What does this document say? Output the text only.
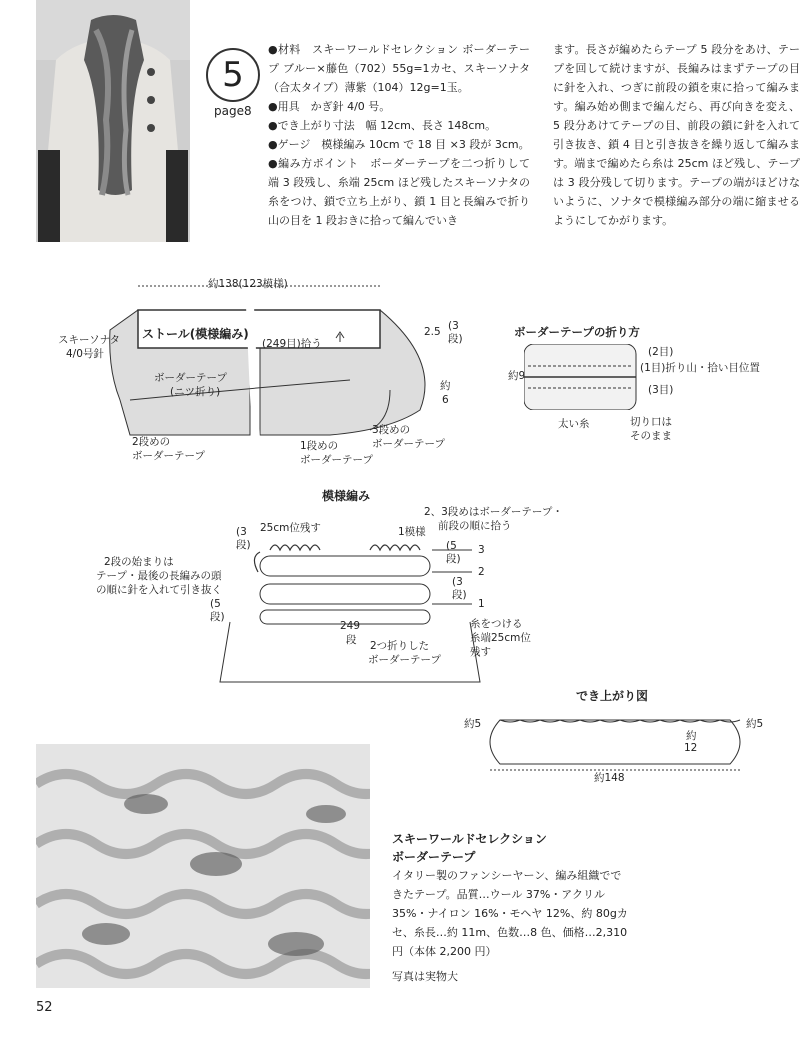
5
page8

●材料　スキーワールドセレクション ボーダーテープ ブルー×藤色（702）55g=1カセ、スキーソナタ（合太タイプ）薄紫（104）12g=1玉。

●用具　かぎ針 4/0 号。

●でき上がり寸法　幅 12cm、長さ 148cm。

●ゲージ　模様編み 10cm で 18 目 ×3 段が 3cm。

●編み方ポイント　ボーダーテープを二つ折りして端 3 段残し、糸端 25cm ほど残したスキーソナタの糸をつけ、鎖で立ち上がり、鎖 1 目と長編みで折り山の目を 1 段おきに拾って編んでいき

ます。長さが編めたらテープ 5 段分をあけ、テープを回して続けますが、長編みはまずテープの目に針を入れ、つぎに前段の鎖を束に拾って編みます。編み始め側まで編んだら、再び向きを変え、5 段分あけてテープの目、前段の鎖に針を入れて引き抜き、鎖 4 目と引き抜きを繰り返して編みます。端まで編めたら糸は 25cm ほど残し、テープは 3 段分残して切ります。テープの端がほどけないように、ソナタで模様編み部分の端に縮ませるようにしてかがります。

約138(123模様)
ストール(模様編み)
(249目)拾う
ボーダーテープ
(ニツ折り)
スキーソナタ
4/0号針
2.5 (3段)
約
6
2段めの
ボーダーテープ
1段めの
ボーダーテープ
3段めの
ボーダーテープ
ボーダーテープの折り方
(2目)
(1目)折り山・拾い目位置
(3目)
約9
太い糸	切り口は
そのまま
模様編み
2、3段めはボーダーテープ・
前段の順に拾う
25cm位残す	1模様
(3段)	(5段)
(3段)
(5段)
2段の始まりは
テープ・最後の長編みの頭
の順に針を入れて引き抜く
249
段
糸をつける
糸端25cm位
残す
2つ折りした
ボーダーテープ
3
2
1
でき上がり図
約5	約5
約
12
約148
スキーワールドセレクション
ボーダーテープ
イタリー製のファンシーヤーン、編み組織でできたテープ。品質…ウール 37%・アクリル 35%・ナイロン 16%・モヘヤ 12%、約 80gカセ、糸長…約 11m、色数…8 色、価格…2,310 円（本体 2,200 円）
写真は実物大
52
